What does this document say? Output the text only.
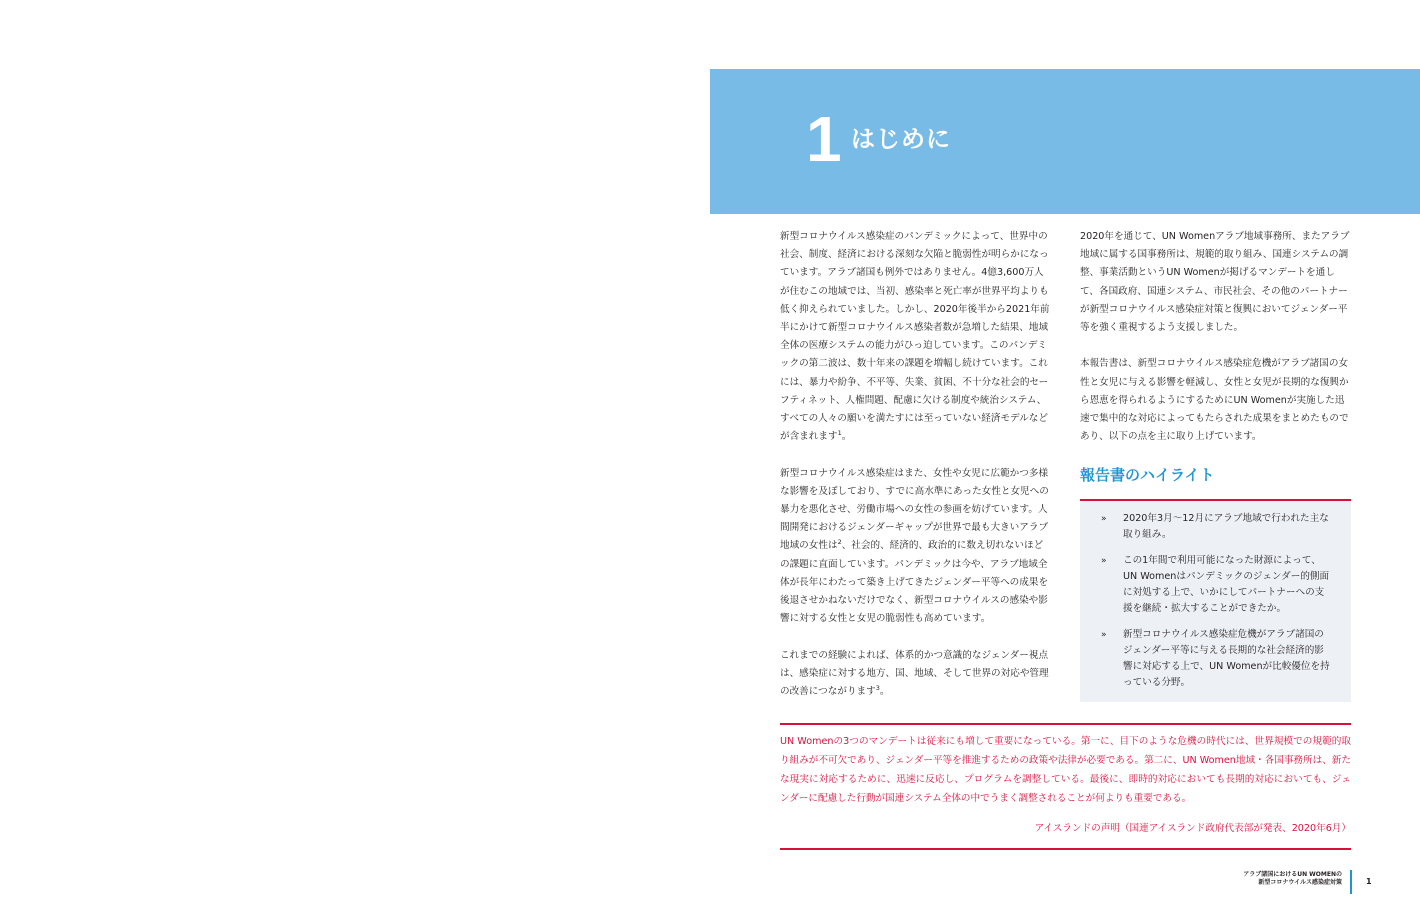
1 はじめに

新型コロナウイルス感染症のパンデミックによって、世界中の社会、制度、経済における深刻な欠陥と脆弱性が明らかになっています。アラブ諸国も例外ではありません。4億3,600万人が住むこの地域では、当初、感染率と死亡率が世界平均よりも低く抑えられていました。しかし、2020年後半から2021年前半にかけて新型コロナウイルス感染者数が急増した結果、地域全体の医療システムの能力がひっ迫しています。このパンデミックの第二波は、数十年来の課題を増幅し続けています。これには、暴力や紛争、不平等、失業、貧困、不十分な社会的セーフティネット、人権問題、配慮に欠ける制度や統治システム、すべての人々の願いを満たすには至っていない経済モデルなどが含まれます$^1$。

新型コロナウイルス感染症はまた、女性や女児に広範かつ多様な影響を及ぼしており、すでに高水準にあった女性と女児への暴力を悪化させ、労働市場への女性の参画を妨げています。人間開発におけるジェンダーギャップが世界で最も大きいアラブ地域の女性は$^2$、社会的、経済的、政治的に数え切れないほどの課題に直面しています。パンデミックは今や、アラブ地域全体が長年にわたって築き上げてきたジェンダー平等への成果を後退させかねないだけでなく、新型コロナウイルスの感染や影響に対する女性と女児の脆弱性も高めています。

これまでの経験によれば、体系的かつ意識的なジェンダー視点は、感染症に対する地方、国、地域、そして世界の対応や管理の改善につながります$^3$。

2020年を通じて、UN Womenアラブ地域事務所、またアラブ地域に属する国事務所は、規範的取り組み、国連システムの調整、事業活動というUN Womenが掲げるマンデートを通して、各国政府、国連システム、市民社会、その他のパートナーが新型コロナウイルス感染症対策と復興においてジェンダー平等を強く重視するよう支援しました。

本報告書は、新型コロナウイルス感染症危機がアラブ諸国の女性と女児に与える影響を軽減し、女性と女児が長期的な復興から恩恵を得られるようにするためにUN Womenが実施した迅速で集中的な対応によってもたらされた成果をまとめたものであり、以下の点を主に取り上げています。

報告書のハイライト
» 2020年3月～12月にアラブ地域で行われた主な取り組み。
» この1年間で利用可能になった財源によって、UN Womenはパンデミックのジェンダー的側面に対処する上で、いかにしてパートナーへの支援を継続・拡大することができたか。
» 新型コロナウイルス感染症危機がアラブ諸国のジェンダー平等に与える長期的な社会経済的影響に対応する上で、UN Womenが比較優位を持っている分野。
UN Womenの3つのマンデートは従来にも増して重要になっている。第一に、目下のような危機の時代には、世界規模での規範的取り組みが不可欠であり、ジェンダー平等を推進するための政策や法律が必要である。第二に、UN Women地域・各国事務所は、新たな現実に対応するために、迅速に反応し、プログラムを調整している。最後に、即時的対応においても長期的対応においても、ジェンダーに配慮した行動が国連システム全体の中でうまく調整されることが何よりも重要である。
アイスランドの声明（国連アイスランド政府代表部が発表、2020年6月）
アラブ諸国におけるUN WOMENの
新型コロナウイルス感染症対策	1
